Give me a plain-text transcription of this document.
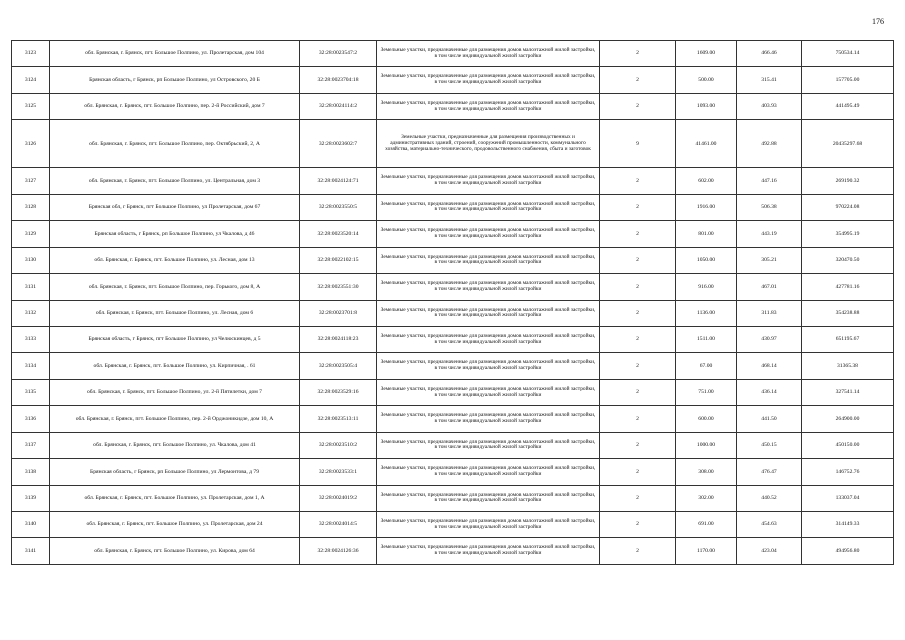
176
3123	обл. Брянская, г. Брянск, пгт. Большое Полпино, ул. Пролетарская, дом 104	32:28:0023547:2	Земельные участки, предназначенные для размещения домов малоэтажной жилой застройки, в том числе индивидуальной жилой застройки	2	1609.00	466.46	750534.14
3124	Брянская область, г Брянск, рп Большое Полпино, ул Островского, 20 Б	32:28:0023704:18	Земельные участки, предназначенные для размещения домов малоэтажной жилой застройки, в том числе индивидуальной жилой застройки	2	500.00	315.41	157705.00
3125	обл. Брянская, г. Брянск, пгт. Большое Полпино, пер. 2-й Российский, дом 7	32:28:0024114:2	Земельные участки, предназначенные для размещения домов малоэтажной жилой застройки, в том числе индивидуальной жилой застройки	2	1093.00	403.93	441495.49
3126	обл. Брянская, г. Брянск, пгт. Большое Полпино, пер. Октябрьский, 2, А	32:28:0023602:7	Земельные участки, предназначенные для размещения производственных и административных зданий, строений, сооружений промышленности, коммунального хозяйства, материально-технического, продовольственного снабжения, сбыта и заготовок	9	41461.00	492.88	20435297.68
3127	обл. Брянская, г. Брянск, пгт. Большое Полпино, ул. Центральная, дом 3	32:28:0024124:71	Земельные участки, предназначенные для размещения домов малоэтажной жилой застройки, в том числе индивидуальной жилой застройки	2	602.00	447.16	269190.32
3128	Брянская обл, г Брянск, пгт Большое Полпино, ул Пролетарская, дом 67	32:28:0023550:5	Земельные участки, предназначенные для размещения домов малоэтажной жилой застройки, в том числе индивидуальной жилой застройки	2	1916.00	506.38	970224.08
3129	Брянская область, г Брянск, рп Большое Полпино, ул Чкалова, д 46	32:28:0023520:14	Земельные участки, предназначенные для размещения домов малоэтажной жилой застройки, в том числе индивидуальной жилой застройки	2	801.00	443.19	354995.19
3130	обл. Брянская, г. Брянск, пгт. Большое Полпино, ул. Лесная, дом 13	32:28:0022102:15	Земельные участки, предназначенные для размещения домов малоэтажной жилой застройки, в том числе индивидуальной жилой застройки	2	1050.00	305.21	320470.50
3131	обл. Брянская, г. Брянск, пгт. Большое Полпино, пер. Горького, дом 8, А	32:28:0023551:30	Земельные участки, предназначенные для размещения домов малоэтажной жилой застройки, в том числе индивидуальной жилой застройки	2	916.00	467.01	427781.16
3132	обл. Брянская, г. Брянск, пгт. Большое Полпино, ул. Лесная, дом 6	32:28:0023701:8	Земельные участки, предназначенные для размещения домов малоэтажной жилой застройки, в том числе индивидуальной жилой застройки	2	1136.00	311.83	354238.88
3133	Брянская область, г Брянск, пгт Большое Полпино, ул Челюскинцев, д 5	32:28:0024118:23	Земельные участки, предназначенные для размещения домов малоэтажной жилой застройки, в том числе индивидуальной жилой застройки	2	1511.00	430.97	651195.67
3134	обл. Брянская, г. Брянск, пгт. Большое Полпино, ул. Кирпичная, . 61	32:28:0023505:4	Земельные участки, предназначенные для размещения домов малоэтажной жилой застройки, в том числе индивидуальной жилой застройки	2	67.00	468.14	31365.38
3135	обл. Брянская, г. Брянск, пгт. Большое Полпино, ул. 2-й Пятилетки, дом 7	32:28:0023529:16	Земельные участки, предназначенные для размещения домов малоэтажной жилой застройки, в том числе индивидуальной жилой застройки	2	751.00	436.14	327541.14
3136	обл. Брянская, г. Брянск, пгт. Большое Полпино, пер. 2-й Орджоникидзе, дом 10, А	32:28:0023513:11	Земельные участки, предназначенные для размещения домов малоэтажной жилой застройки, в том числе индивидуальной жилой застройки	2	600.00	441.50	264900.00
3137	обл. Брянская, г. Брянск, пгт. Большое Полпино, ул. Чкалова, дом 41	32:28:0023510:2	Земельные участки, предназначенные для размещения домов малоэтажной жилой застройки, в том числе индивидуальной жилой застройки	2	1000.00	450.15	450150.00
3138	Брянская область, г Брянск, рп Большое Полпино, ул Лермонтова, д 79	32:28:0023533:1	Земельные участки, предназначенные для размещения домов малоэтажной жилой застройки, в том числе индивидуальной жилой застройки	2	308.00	476.47	146752.76
3139	обл. Брянская, г. Брянск, пгт. Большое Полпино, ул. Пролетарская, дом 1, А	32:28:0024019:2	Земельные участки, предназначенные для размещения домов малоэтажной жилой застройки, в том числе индивидуальной жилой застройки	2	302.00	440.52	133037.04
3140	обл. Брянская, г. Брянск, пгт. Большое Полпино, ул. Пролетарская, дом 24	32:28:0024014:5	Земельные участки, предназначенные для размещения домов малоэтажной жилой застройки, в том числе индивидуальной жилой застройки	2	691.00	454.63	314149.33
3141	обл. Брянская, г. Брянск, пгт. Большое Полпино, ул. Кирова, дом 64	32:28:0024126:36	Земельные участки, предназначенные для размещения домов малоэтажной жилой застройки, в том числе индивидуальной жилой застройки	2	1170.00	423.04	494956.80
